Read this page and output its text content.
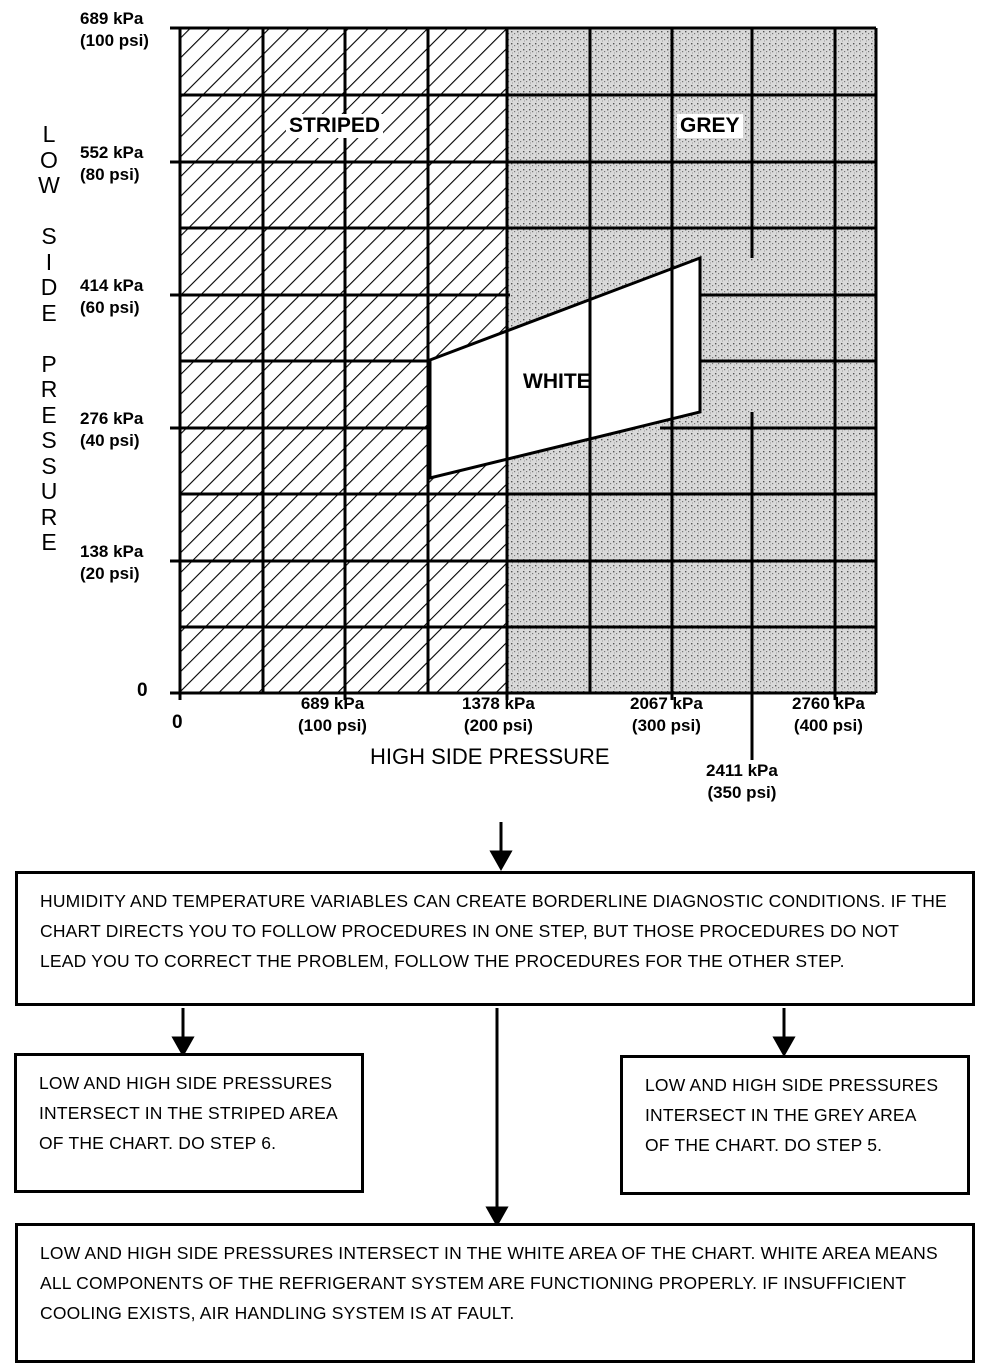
STRIPED	GREY
WHITE
L
O
W

S
I
D
E

P
R
E
S
S
U
R
E
689 kPa
(100 psi)
552 kPa
(80 psi)
414 kPa
(60 psi)
276 kPa
(40 psi)
138 kPa
(20 psi)
0
0
689 kPa
(100 psi)
1378 kPa
(200 psi)
2067 kPa
(300 psi)
2760 kPa
(400 psi)
2411 kPa
(350 psi)
HIGH SIDE PRESSURE

HUMIDITY AND TEMPERATURE VARIABLES CAN CREATE BORDERLINE DIAGNOSTIC CONDITIONS. IF THE CHART DIRECTS YOU TO FOLLOW PROCEDURES IN ONE STEP, BUT THOSE PROCEDURES DO NOT LEAD YOU TO CORRECT THE PROBLEM, FOLLOW THE PROCEDURES FOR THE OTHER STEP.

LOW AND HIGH SIDE PRESSURES INTERSECT IN THE STRIPED AREA OF THE CHART. DO STEP 6.

LOW AND HIGH SIDE PRESSURES INTERSECT IN THE GREY AREA OF THE CHART. DO STEP 5.

LOW AND HIGH SIDE PRESSURES INTERSECT IN THE WHITE AREA OF THE CHART. WHITE AREA MEANS ALL COMPONENTS OF THE REFRIGERANT SYSTEM ARE FUNCTIONING PROPERLY. IF INSUFFICIENT COOLING EXISTS, AIR HANDLING SYSTEM IS AT FAULT.
